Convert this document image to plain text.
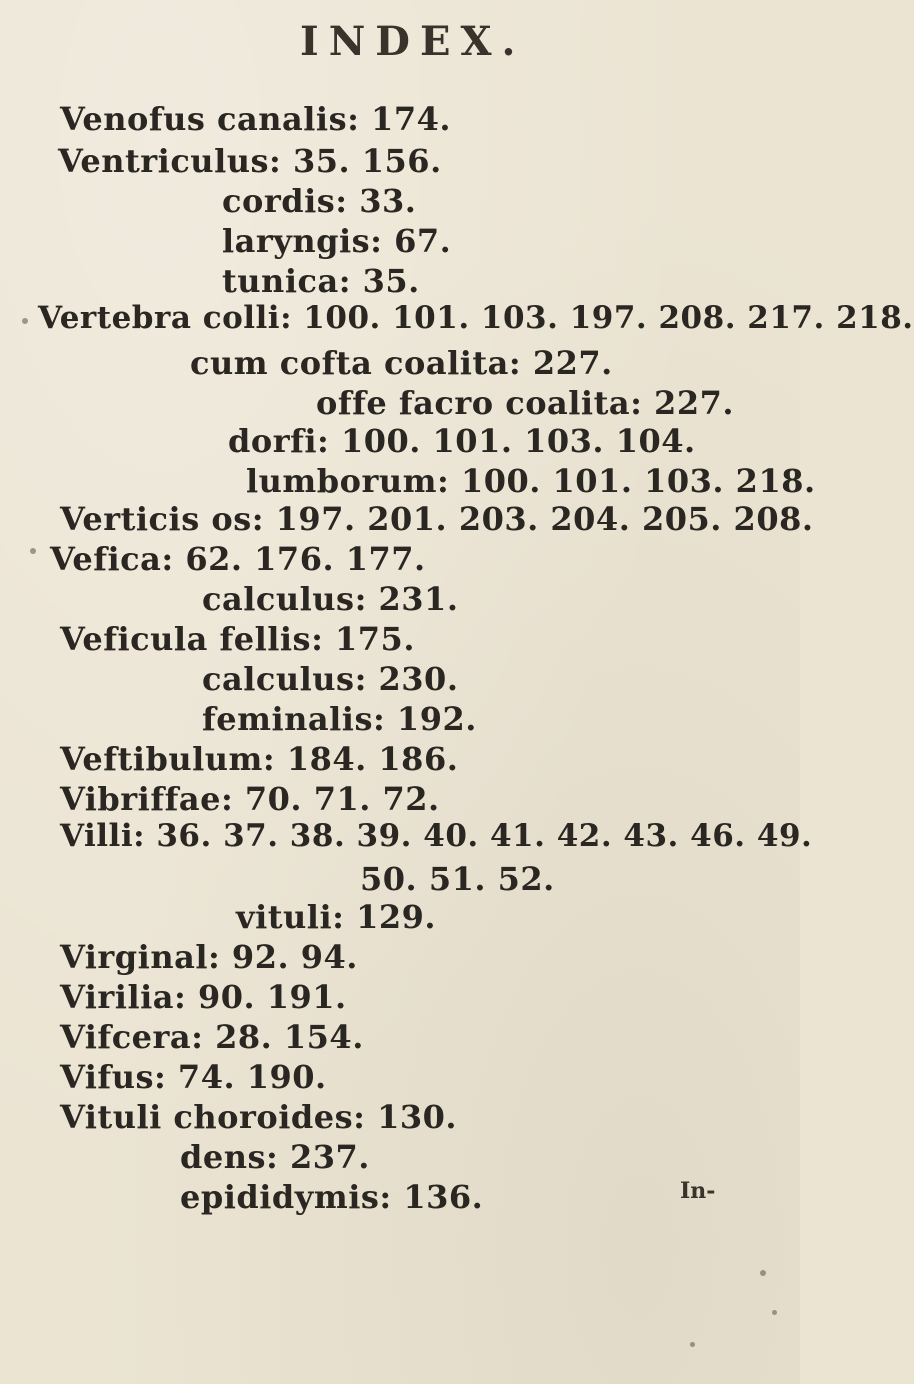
INDEX.
Venofus canalis: 174.
Ventriculus: 35. 156.
cordis: 33.
laryngis: 67.
tunica: 35.
Vertebra colli: 100. 101. 103. 197. 208. 217. 218.
cum cofta coalita: 227.
offe facro coalita: 227.
dorfi: 100. 101. 103. 104.
lumborum: 100. 101. 103. 218.
Verticis os: 197. 201. 203. 204. 205. 208.
Vefica: 62. 176. 177.
calculus: 231.
Veficula fellis: 175.
calculus: 230.
feminalis: 192.
Veftibulum: 184. 186.
Vibriffae: 70. 71. 72.
Villi: 36. 37. 38. 39. 40. 41. 42. 43. 46. 49.
50. 51. 52.
vituli: 129.
Virginal: 92. 94.
Virilia: 90. 191.
Vifcera: 28. 154.
Vifus: 74. 190.
Vituli choroides: 130.
dens: 237.
epididymis: 136.	In-
